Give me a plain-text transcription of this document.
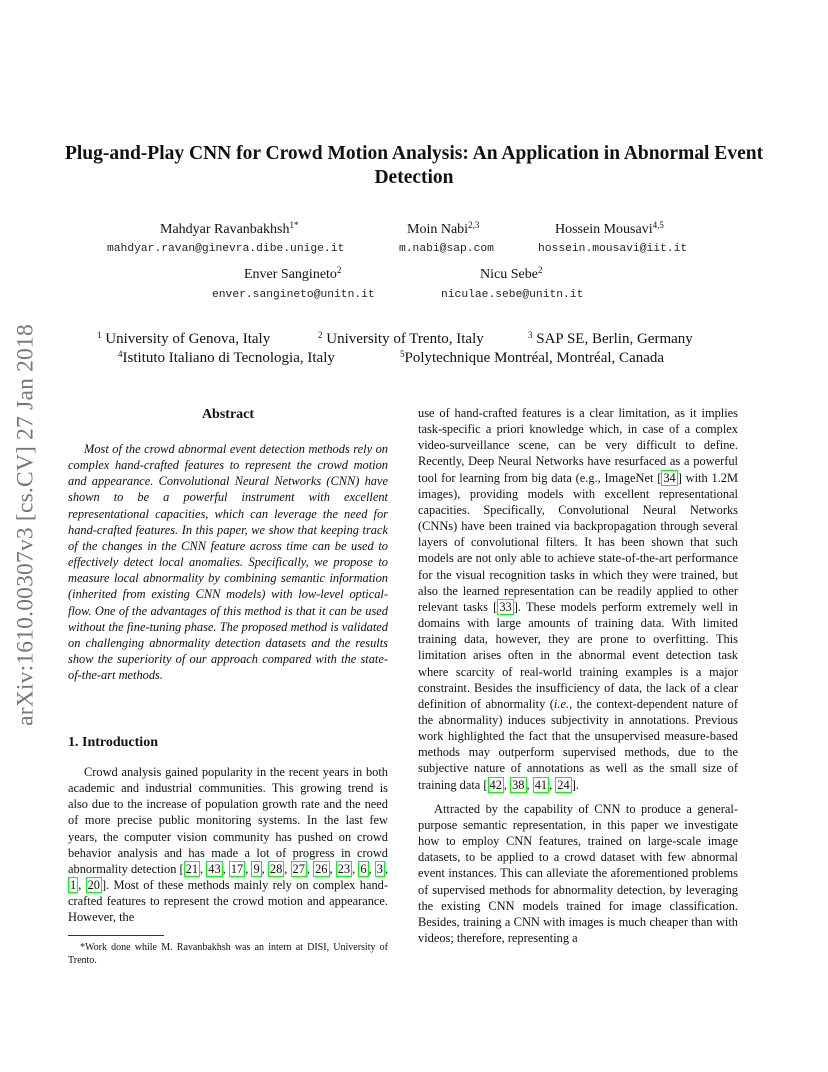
arXiv:1610.00307v3 [cs.CV] 27 Jan 2018
Plug-and-Play CNN for Crowd Motion Analysis: An Application in Abnormal Event Detection
Mahdyar Ravanbakhsh$^{1*}$
mahdyar.ravan@ginevra.dibe.unige.it
Moin Nabi$^{2,3}$
m.nabi@sap.com
Hossein Mousavi$^{4,5}$
hossein.mousavi@iit.it
Enver Sangineto$^2$
enver.sangineto@unitn.it
Nicu Sebe$^2$
niculae.sebe@unitn.it
$^1$ University of Genova, Italy	$^2$ University of Trento, Italy	$^3$ SAP SE, Berlin, Germany
$^4$Istituto Italiano di Tecnologia, Italy	$^5$Polytechnique Montréal, Montréal, Canada
Abstract

Most of the crowd abnormal event detection methods rely on complex hand-crafted features to represent the crowd motion and appearance. Convolutional Neural Networks (CNN) have shown to be a powerful instrument with excellent representational capacities, which can leverage the need for hand-crafted features. In this paper, we show that keeping track of the changes in the CNN feature across time can be used to effectively detect local anomalies. Specifically, we propose to measure local abnormality by combining semantic information (inherited from existing CNN models) with low-level optical-flow. One of the advantages of this method is that it can be used without the fine-tuning phase. The proposed method is validated on challenging abnormality detection datasets and the results show the superiority of our approach compared with the state-of-the-art methods.

1. Introduction

Crowd analysis gained popularity in the recent years in both academic and industrial communities. This growing trend is also due to the increase of population growth rate and the need of more precise public monitoring systems. In the last few years, the computer vision community has pushed on crowd behavior analysis and has made a lot of progress in crowd abnormality detection [ 21 , 43 , 17 , 9 , 28 , 27 , 26 , 23 , 6 , 3 , 1 , 20 ]. Most of these methods mainly rely on complex hand-crafted features to represent the crowd motion and appearance. However, the

*Work done while M. Ravanbakhsh was an intern at DISI, University of Trento.

use of hand-crafted features is a clear limitation, as it implies task-specific a priori knowledge which, in case of a complex video-surveillance scene, can be very difficult to define. Recently, Deep Neural Networks have resurfaced as a powerful tool for learning from big data (e.g., ImageNet [ 34 ] with 1.2M images), providing models with excellent representational capacities. Specifically, Convolutional Neural Networks (CNNs) have been trained via backpropagation through several layers of convolutional filters. It has been shown that such models are not only able to achieve state-of-the-art performance for the visual recognition tasks in which they were trained, but also the learned representation can be readily applied to other relevant tasks [ 33 ]. These models perform extremely well in domains with large amounts of training data. With limited training data, however, they are prone to overfitting. This limitation arises often in the abnormal event detection task where scarcity of real-world training examples is a major constraint. Besides the insufficiency of data, the lack of a clear definition of abnormality (i.e., the context-dependent nature of the abnormality) induces subjectivity in annotations. Previous work highlighted the fact that the unsupervised measure-based methods may outperform supervised methods, due to the subjective nature of annotations as well as the small size of training data [ 42 , 38 , 41 , 24 ].

Attracted by the capability of CNN to produce a general-purpose semantic representation, in this paper we investigate how to employ CNN features, trained on large-scale image datasets, to be applied to a crowd dataset with few abnormal event instances. This can alleviate the aforementioned problems of supervised methods for abnormality detection, by leveraging the existing CNN models trained for image classification. Besides, training a CNN with images is much cheaper than with videos; therefore, representing a
